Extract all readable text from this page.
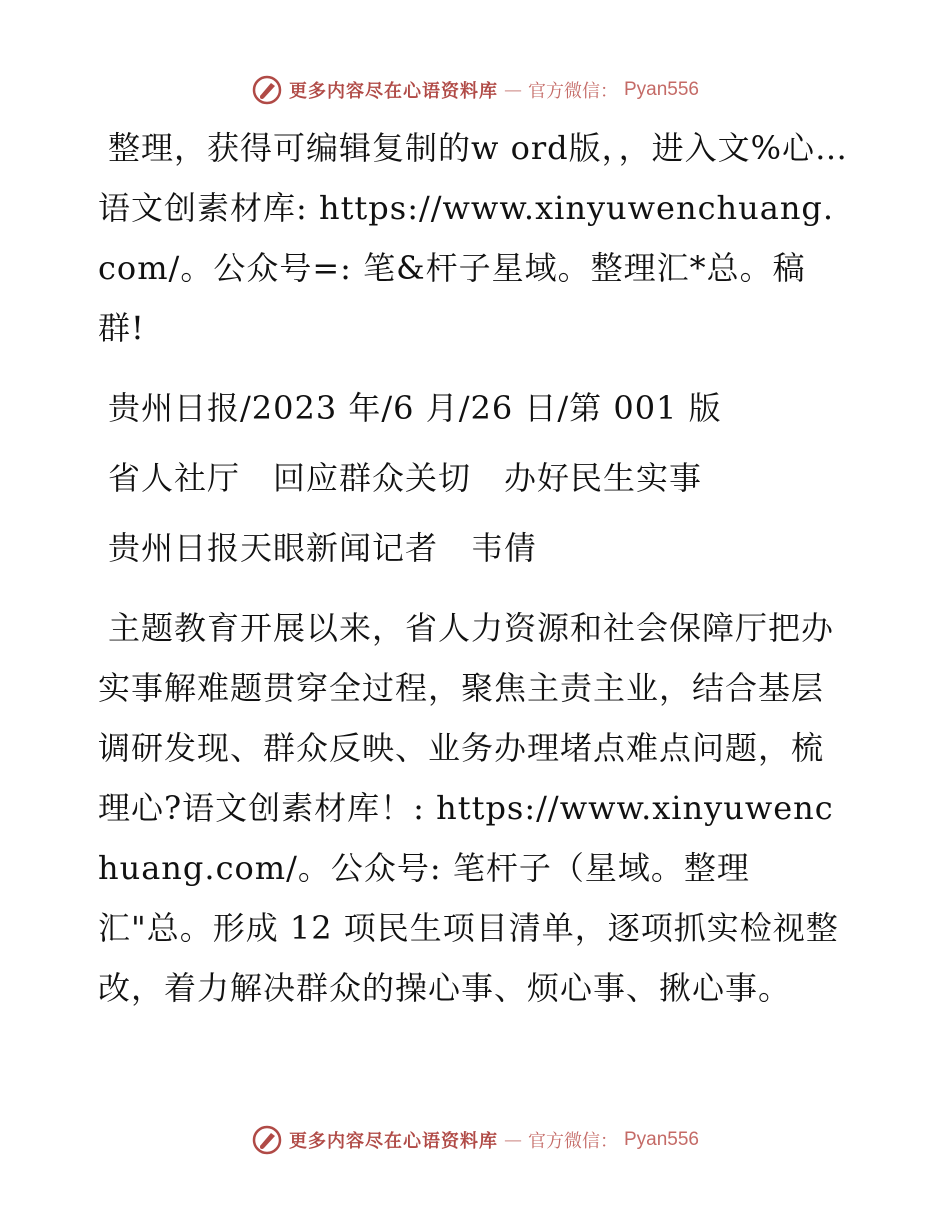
更多内容尽在心语资料库 — 官方微信： Pyan556

整理，获得可编辑复制的w ord版，，进入文%心…语文创素材库: https://www.xinyuwenchuang.com/。公众号=: 笔&杆子星域。整理汇*总。稿群!

贵州日报/2023 年/6 月/26 日/第 001 版

省人社厅　回应群众关切　办好民生实事

贵州日报天眼新闻记者　韦倩

主题教育开展以来，省人力资源和社会保障厅把办实事解难题贯穿全过程，聚焦主责主业，结合基层调研发现、群众反映、业务办理堵点难点问题，梳理心?语文创素材库！: https://www.xinyuwenchuang.com/。公众号: 笔杆子（星域。整理汇"总。形成 12 项民生项目清单，逐项抓实检视整改，着力解决群众的操心事、烦心事、揪心事。

更多内容尽在心语资料库 — 官方微信： Pyan556
